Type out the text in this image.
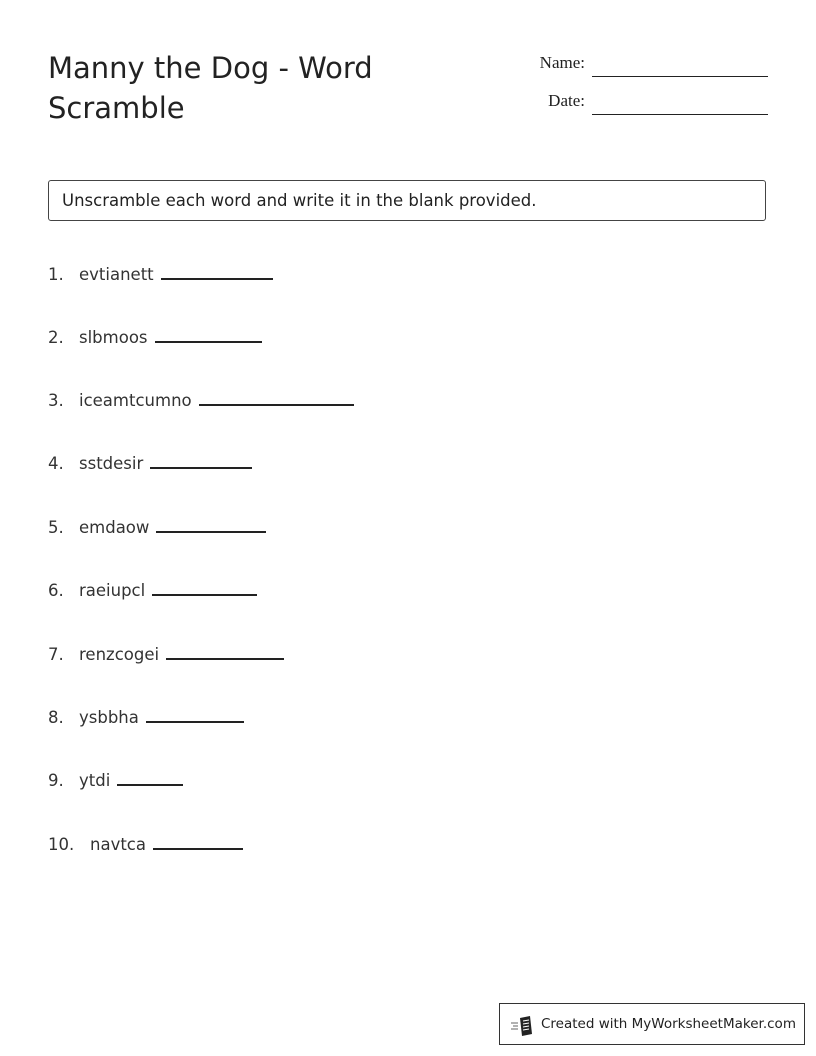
Manny the Dog - Word Scramble
Name:
Date:
Unscramble each word and write it in the blank provided.
1. evtianett
2. slbmoos
3. iceamtcumno
4. sstdesir
5. emdaow
6. raeiupcl
7. renzcogei
8. ysbbha
9. ytdi
10. navtca
Created with MyWorksheetMaker.com
